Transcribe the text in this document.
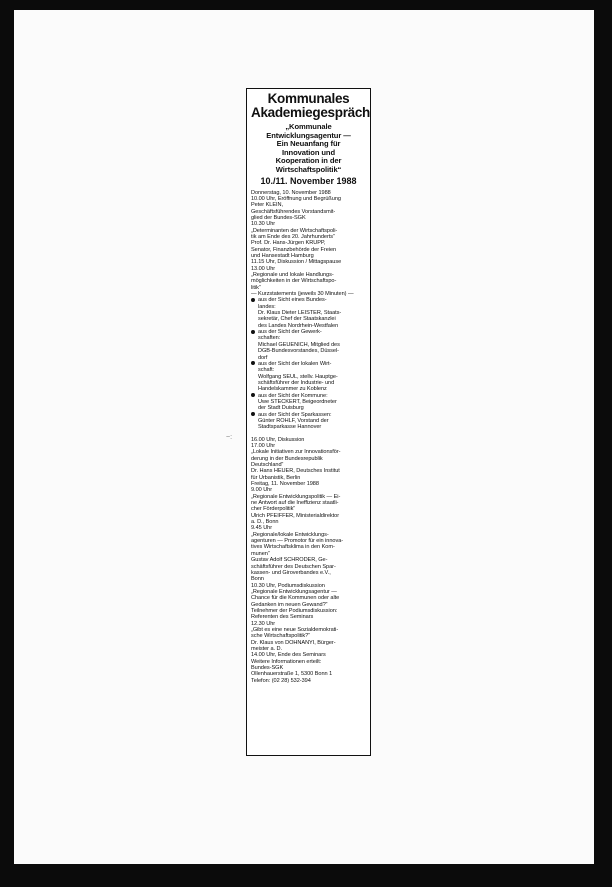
~:
Kommunales
Akademiegespräch
„Kommunale
Entwicklungsagentur —
Ein Neuanfang für
Innovation und
Kooperation in der
Wirtschaftspolitik“
10./11. November 1988
Donnerstag, 10. November 1988
10.00 Uhr, Eröffnung und Begrüßung
Peter KLEIN,
Geschäftsführendes Vorstandsmit-
glied der Bundes-SGK
10.30 Uhr
„Determinanten der Wirtschaftspoli-
tik am Ende des 20. Jahrhunderts“
Prof. Dr. Hans-Jürgen KRUPP,
Senator, Finanzbehörde der Freien
und Hansestadt Hamburg
11.15 Uhr, Diskussion / Mittagspause
13.00 Uhr
„Regionale und lokale Handlungs-
möglichkeiten in der Wirtschaftspo-
litik“
— Kurzstatements (jeweils 30 Minuten) —
aus der Sicht eines Bundes-
landes:
Dr. Klaus Dieter LEISTER, Staats-
sekretär, Chef der Staatskanzlei
des Landes Nordrhein-Westfalen
aus der Sicht der Gewerk-
schaften:
Michael GEUENICH, Mitglied des
DGB-Bundesvorstandes, Düssel-
dorf
aus der Sicht der lokalen Wirt-
schaft:
Wolfgang SEUL, stellv. Hauptge-
schäftsführer der Industrie- und
Handelskammer zu Koblenz
aus der Sicht der Kommune:
Uwe STECKERT, Beigeordneter
der Stadt Duisburg
aus der Sicht der Sparkassen:
Günter ROHLF, Vorstand der
Stadtsparkasse Hannover
16.00 Uhr, Diskussion
17.00 Uhr
„Lokale Initiativen zur Innovationsför-
derung in der Bundesrepublik
Deutschland“
Dr. Hans HEUER, Deutsches Institut
für Urbanistik, Berlin
Freitag, 11. November 1988
9.00 Uhr
„Regionale Entwicklungspolitik — Ei-
ne Antwort auf die Ineffizienz staatli-
cher Förderpolitik“
Ulrich PFEIFFER, Ministerialdirektor
a. D., Bonn
9.45 Uhr
„Regionale/lokale Entwicklungs-
agenturen — Promotor für ein innova-
tives Wirtschaftsklima in den Kom-
munen“
Gustav Adolf SCHRÖDER, Ge-
schäftsführer des Deutschen Spar-
kassen- und Giroverbandes e.V.,
Bonn
10.30 Uhr, Podiumsdiskussion
„Regionale Entwicklungsagentur —
Chance für die Kommunen oder alte
Gedanken im neuen Gewand?“
Teilnehmer der Podiumsdiskussion:
Referenten des Seminars
12.30 Uhr
„Gibt es eine neue Sozialdemokrati-
sche Wirtschaftspolitik?“
Dr. Klaus von DOHNANYI, Bürger-
meister a. D.
14.00 Uhr, Ende des Seminars
Weitere Informationen erteilt:
Bundes-SGK
Ollenhauerstraße 1, 5300 Bonn 1
Telefon: (02 28) 532-394
